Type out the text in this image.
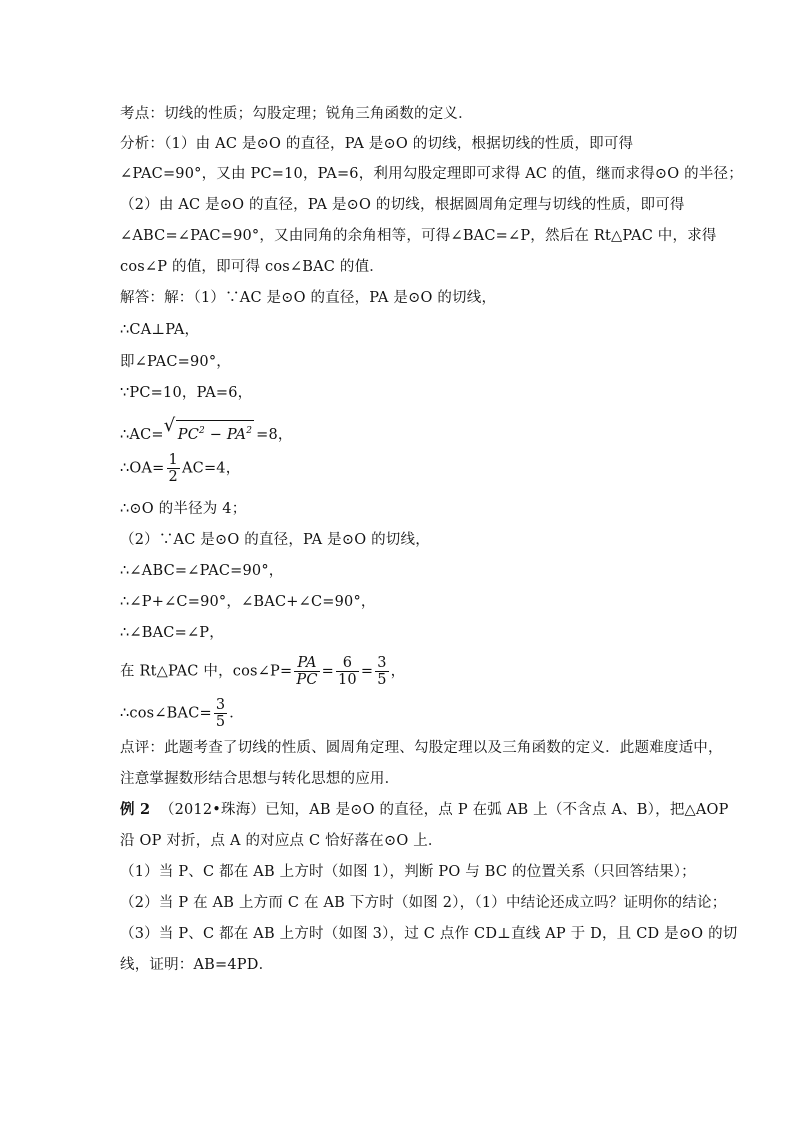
考点：切线的性质；勾股定理；锐角三角函数的定义．
分析：（1）由 AC 是⊙O 的直径，PA 是⊙O 的切线，根据切线的性质，即可得
∠PAC=90°，又由 PC=10，PA=6，利用勾股定理即可求得 AC 的值，继而求得⊙O 的半径；
（2）由 AC 是⊙O 的直径，PA 是⊙O 的切线，根据圆周角定理与切线的性质，即可得
∠ABC=∠PAC=90°，又由同角的余角相等，可得∠BAC=∠P，然后在 Rt△PAC 中，求得
cos∠P 的值，即可得 cos∠BAC 的值．
解答：解：（1）∵AC 是⊙O 的直径，PA 是⊙O 的切线，
∴CA⊥PA，
即∠PAC=90°，
∵PC=10，PA=6，
∴AC= √ $PC^2 - PA^2 =8$，
∴OA= $\frac{1}{2} AC=4$，
∴⊙O 的半径为 4；
（2）∵AC 是⊙O 的直径，PA 是⊙O 的切线，
∴∠ABC=∠PAC=90°，
∴∠P+∠C=90°，∠BAC+∠C=90°，
∴∠BAC=∠P，
在 Rt△PAC 中，cos∠P= $\frac{PA}{PC} = \frac{6}{10} = \frac{3}{5}$ ，
∴cos∠BAC= $\frac{3}{5}$ ．
点评：此题考查了切线的性质、圆周角定理、勾股定理以及三角函数的定义．此题难度适中，
注意掌握数形结合思想与转化思想的应用．
例 2 （2012•珠海）已知，AB 是⊙O 的直径，点 P 在弧 AB 上（不含点 A、B），把△AOP
沿 OP 对折，点 A 的对应点 C 恰好落在⊙O 上．
（1）当 P、C 都在 AB 上方时（如图 1），判断 PO 与 BC 的位置关系（只回答结果）；
（2）当 P 在 AB 上方而 C 在 AB 下方时（如图 2），（1）中结论还成立吗？证明你的结论；
（3）当 P、C 都在 AB 上方时（如图 3），过 C 点作 CD⊥直线 AP 于 D，且 CD 是⊙O 的切
线，证明：AB=4PD．
